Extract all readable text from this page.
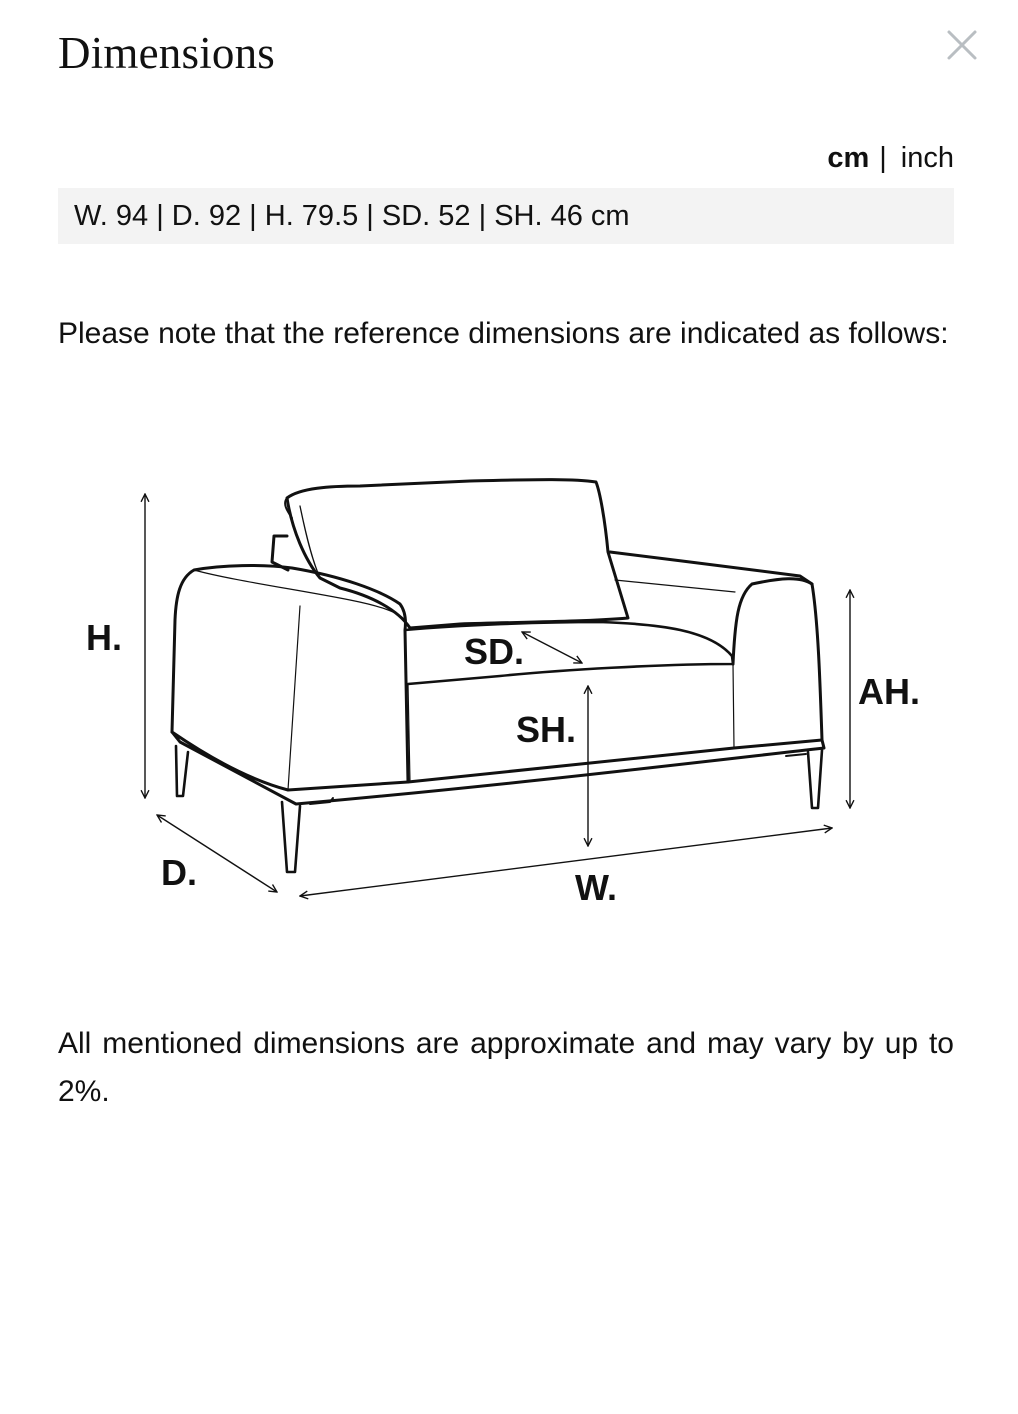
Dimensions
cm | inch
W. 94 | D. 92 | H. 79.5 | SD. 52 | SH. 46 cm

Please note that the reference dimensions are indicated as follows:

H.	SD.
SH.
AH.
D.	W.

All mentioned dimensions are approximate and may vary by up to 2%.
